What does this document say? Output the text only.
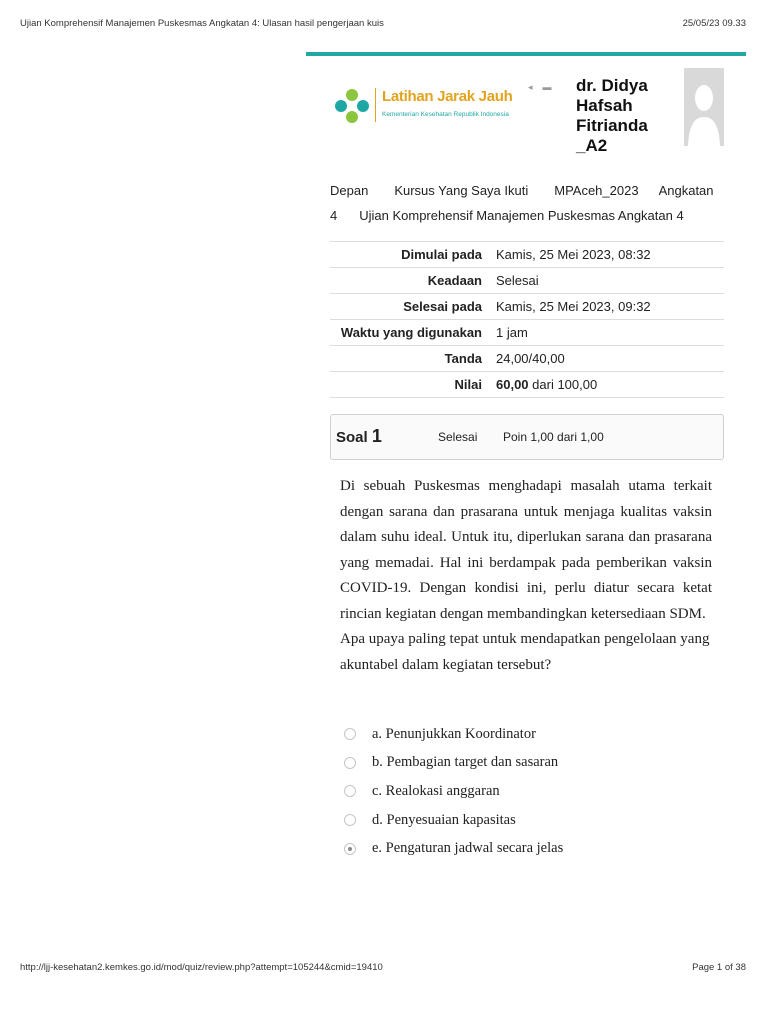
Ujian Komprehensif Manajemen Puskesmas Angkatan 4: Ulasan hasil pengerjaan kuis	25/05/23 09.33
Latihan Jarak Jauh
Kementerian Kesehatan Republik Indonesia
◂▬ dr. Didya Hafsah Fitrianda _A2
Depan Kursus Yang Saya Ikuti MPAceh_2023 Angkatan
4 Ujian Komprehensif Manajemen Puskesmas Angkatan 4
Dimulai pada	Kamis, 25 Mei 2023, 08:32
Keadaan	Selesai
Selesai pada	Kamis, 25 Mei 2023, 09:32
Waktu yang digunakan	1 jam
Tanda	24,00/40,00
Nilai	60,00 dari 100,00
Soal 1	Selesai Poin 1,00 dari 1,00

Di sebuah Puskesmas menghadapi masalah utama terkait dengan sarana dan prasarana untuk menjaga kualitas vaksin dalam suhu ideal. Untuk itu, diperlukan sarana dan prasarana yang memadai. Hal ini berdampak pada pemberikan vaksin COVID-19. Dengan kondisi ini, perlu diatur secara ketat rincian kegiatan dengan membandingkan ketersediaan SDM.

Apa upaya paling tepat untuk mendapatkan pengelolaan yang akuntabel dalam kegiatan tersebut?

a. Penunjukkan Koordinator
b. Pembagian target dan sasaran
c. Realokasi anggaran
d. Penyesuaian kapasitas
e. Pengaturan jadwal secara jelas
http://ljj-kesehatan2.kemkes.go.id/mod/quiz/review.php?attempt=105244&cmid=19410	Page 1 of 38
